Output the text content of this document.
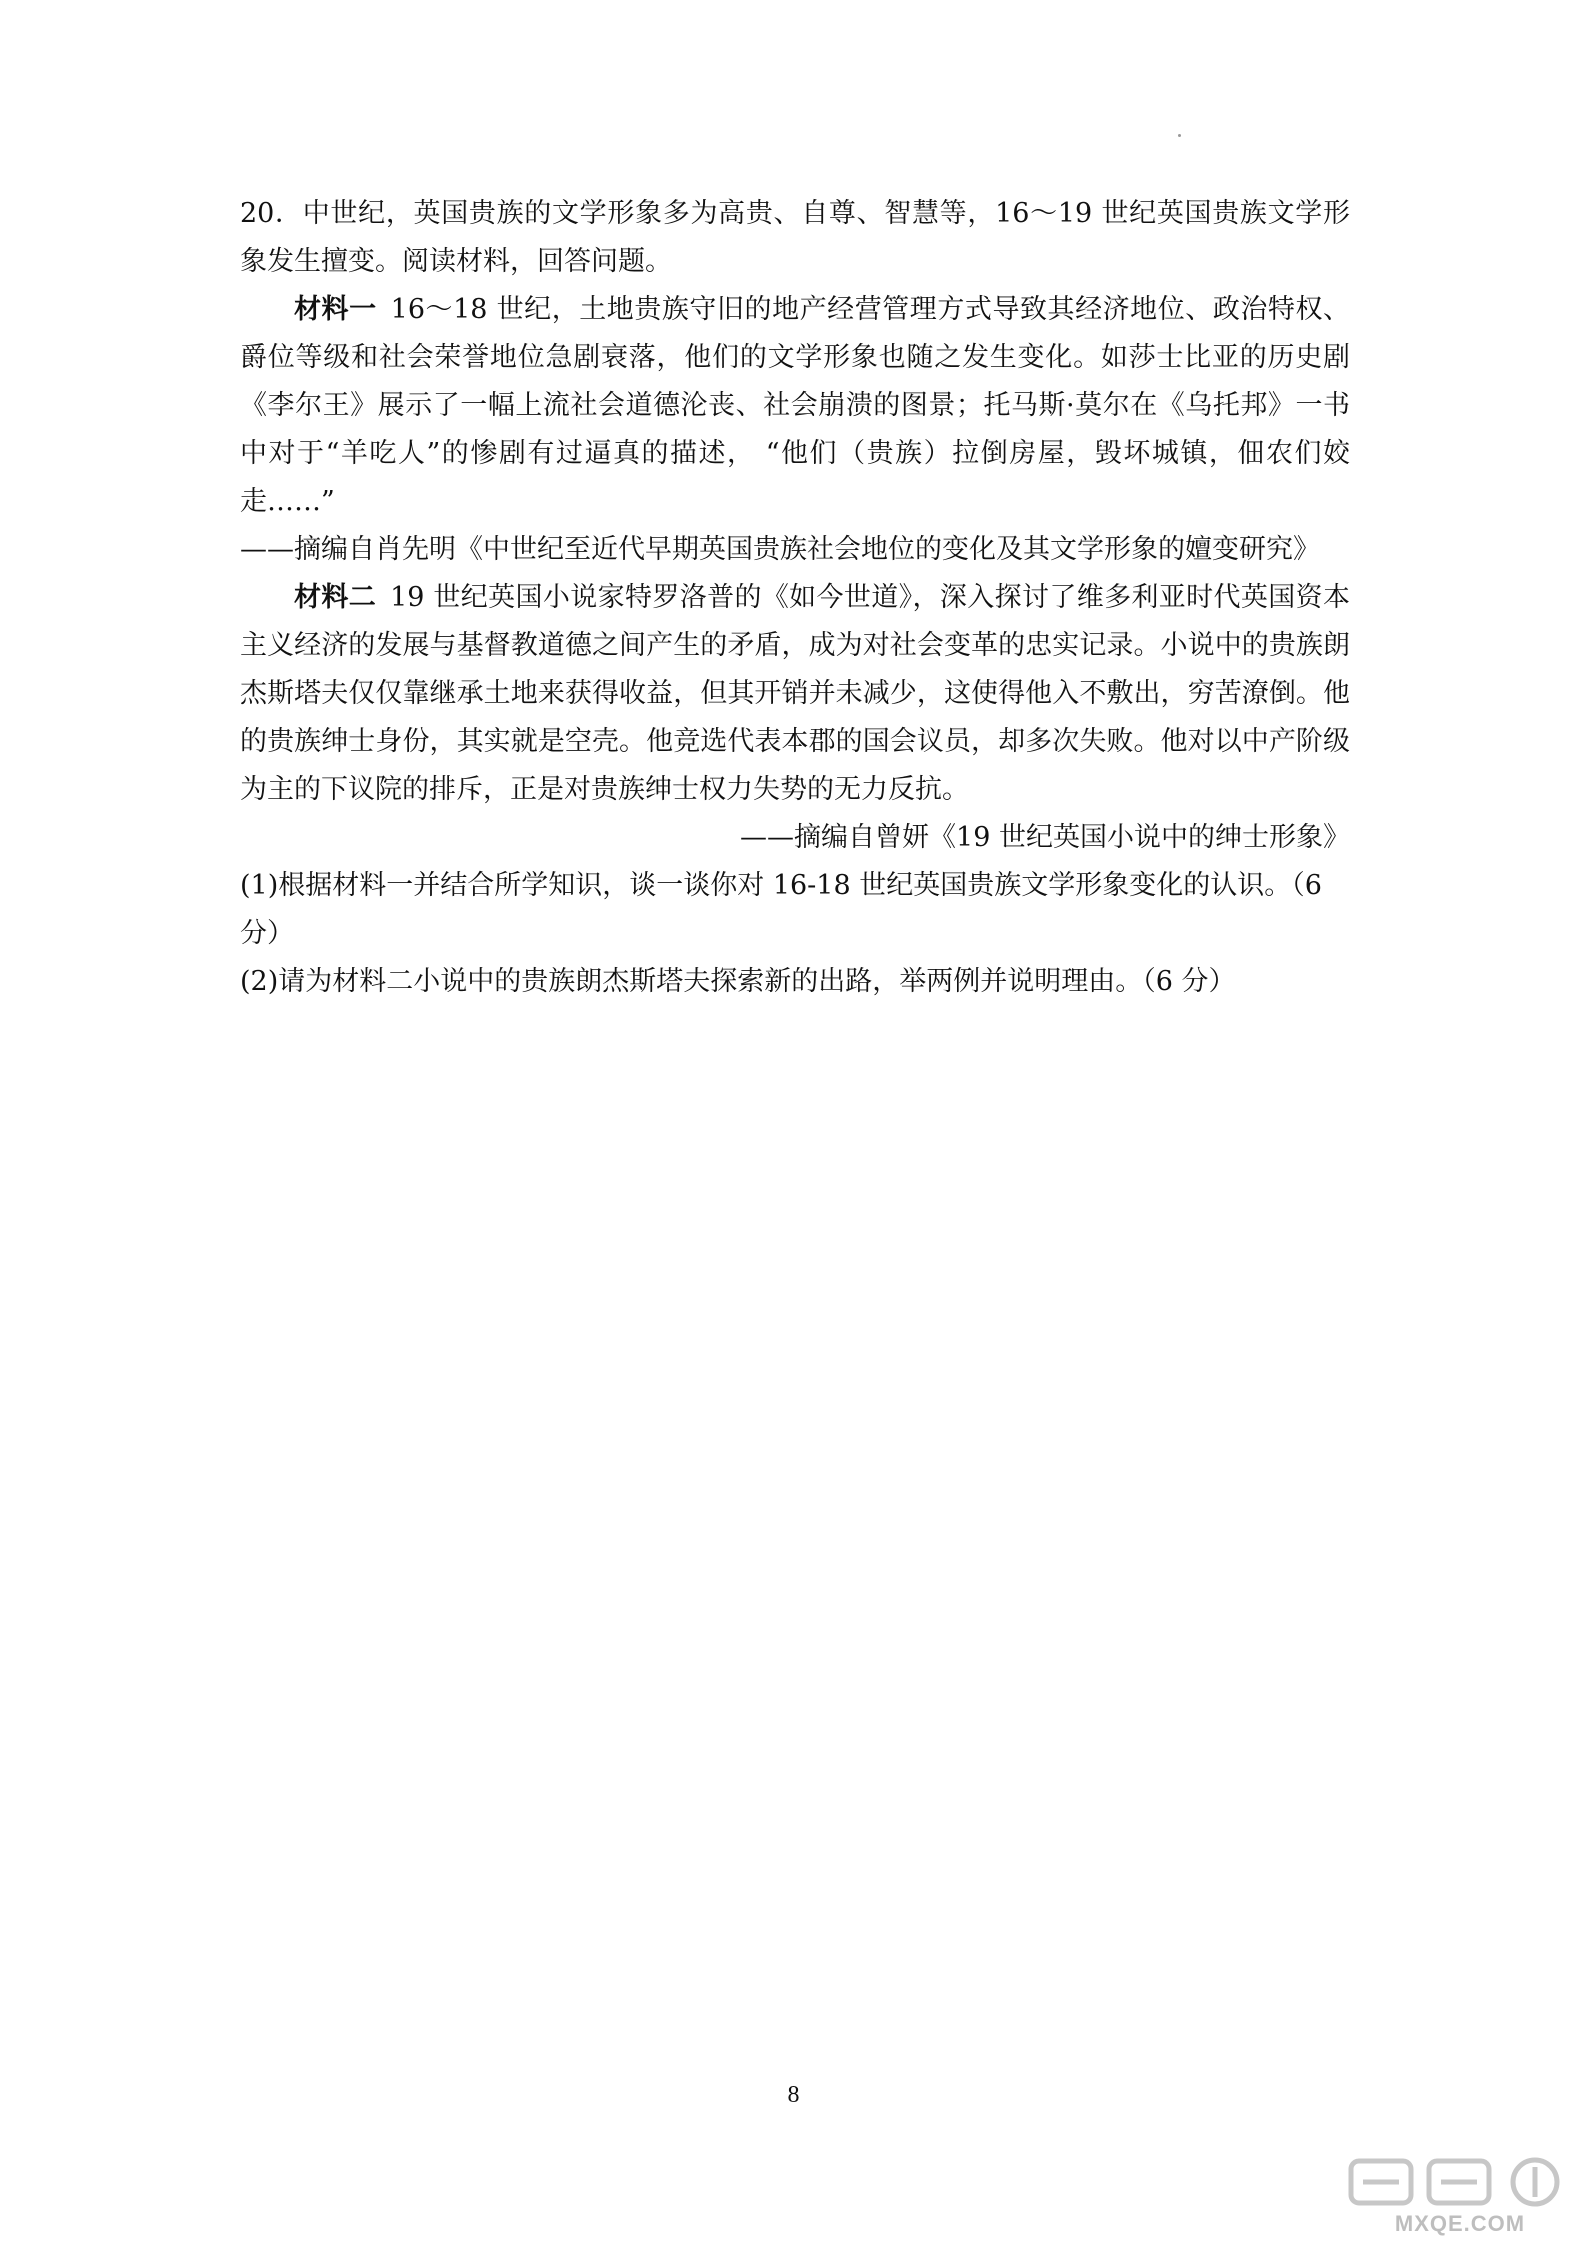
20．中世纪，英国贵族的文学形象多为高贵、自尊、智慧等，16～19 世纪英国贵族文学形象发生擅变。阅读材料，回答问题。

材料一 16～18 世纪，土地贵族守旧的地产经营管理方式导致其经济地位、政治特权、爵位等级和社会荣誉地位急剧衰落，他们的文学形象也随之发生变化。如莎士比亚的历史剧《李尔王》展示了一幅上流社会道德沦丧、社会崩溃的图景；托马斯·莫尔在《乌托邦》一书中对于“羊吃人”的惨剧有过逼真的描述， “他们（贵族）拉倒房屋，毁坏城镇，佃农们姣走……”

——摘编自肖先明《中世纪至近代早期英国贵族社会地位的变化及其文学形象的嬗变研究》

材料二 19 世纪英国小说家特罗洛普的《如今世道》，深入探讨了维多利亚时代英国资本主义经济的发展与基督教道德之间产生的矛盾，成为对社会变革的忠实记录。小说中的贵族朗杰斯塔夫仅仅靠继承土地来获得收益，但其开销并未减少，这使得他入不敷出，穷苦潦倒。他的贵族绅士身份，其实就是空壳。他竞选代表本郡的国会议员，却多次失败。他对以中产阶级为主的下议院的排斥，正是对贵族绅士权力失势的无力反抗。

——摘编自曾妍《19 世纪英国小说中的绅士形象》

(1)根据材料一并结合所学知识，谈一谈你对 16-18 世纪英国贵族文学形象变化的认识。（6 分）

(2)请为材料二小说中的贵族朗杰斯塔夫探索新的出路，举两例并说明理由。（6 分）

8
MXQE.COM
